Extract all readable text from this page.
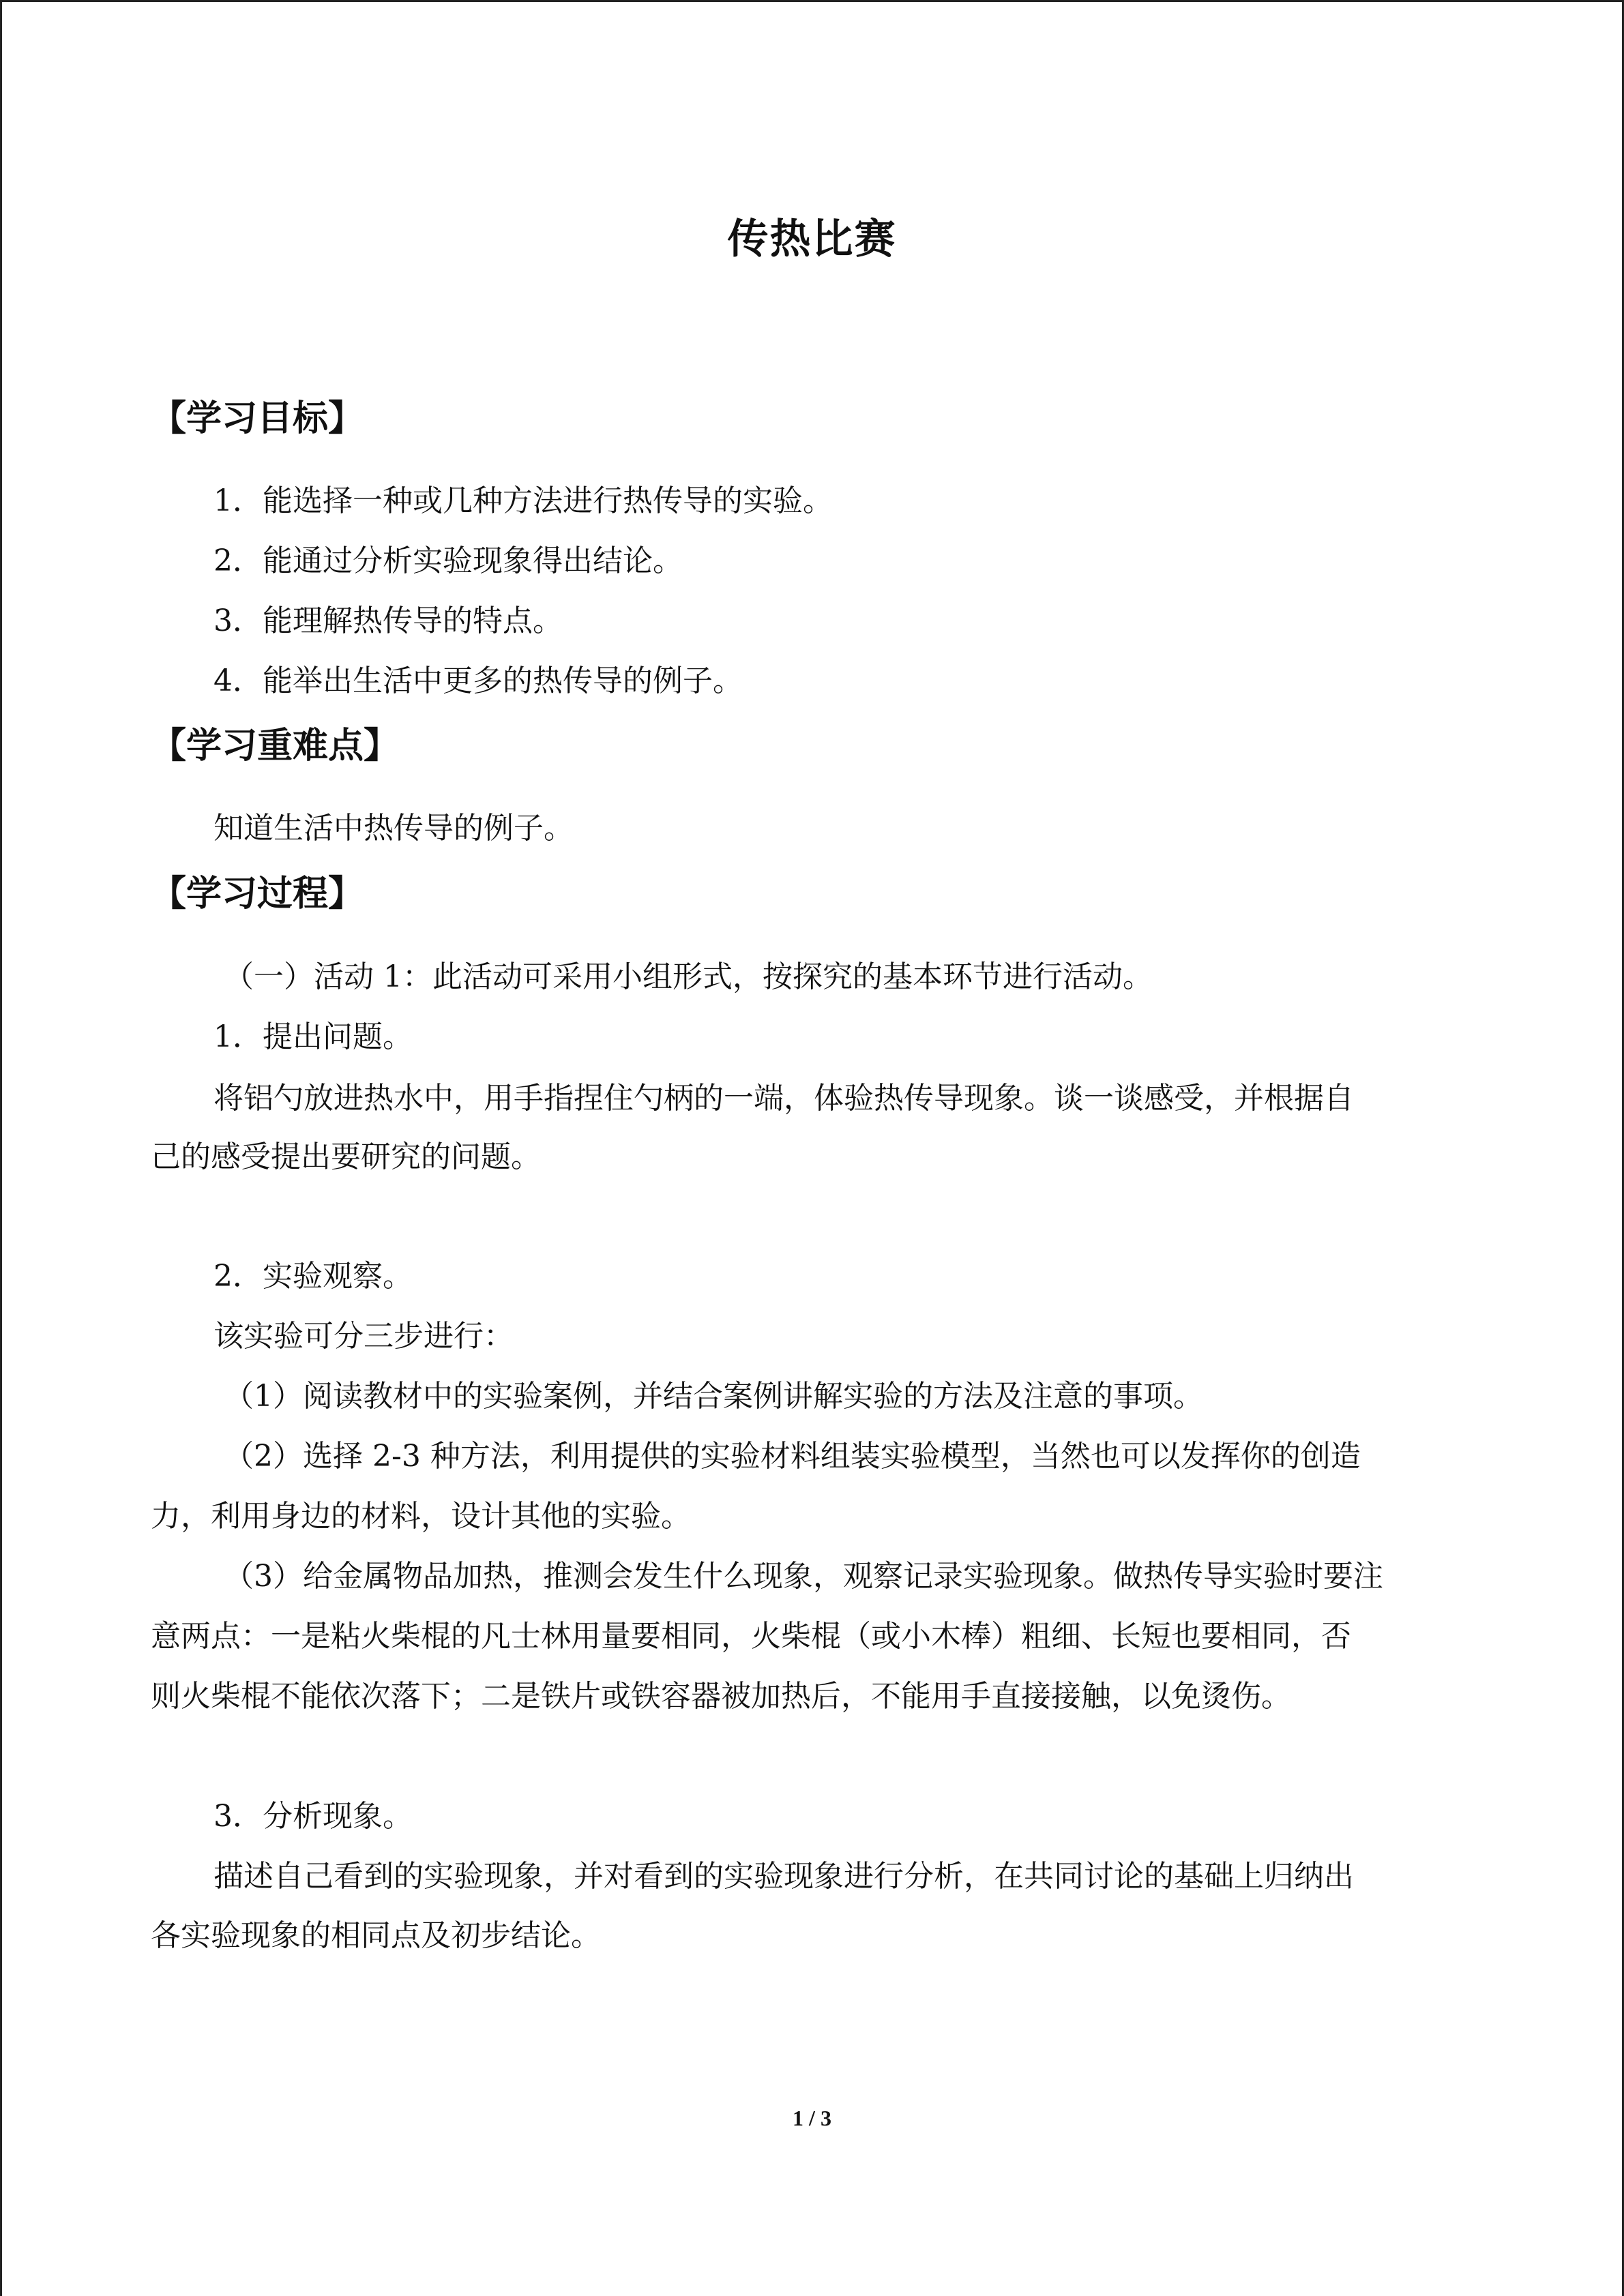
传热比赛
【学习目标】
1．能选择一种或几种方法进行热传导的实验。
2．能通过分析实验现象得出结论。
3．能理解热传导的特点。
4．能举出生活中更多的热传导的例子。
【学习重难点】
知道生活中热传导的例子。
【学习过程】
（一）活动 1：此活动可采用小组形式，按探究的基本环节进行活动。
1．提出问题。
将铝勺放进热水中，用手指捏住勺柄的一端，体验热传导现象。谈一谈感受，并根据自
己的感受提出要研究的问题。
2．实验观察。
该实验可分三步进行：
（1）阅读教材中的实验案例，并结合案例讲解实验的方法及注意的事项。
（2）选择 2-3 种方法，利用提供的实验材料组装实验模型，当然也可以发挥你的创造
力，利用身边的材料，设计其他的实验。
（3）给金属物品加热，推测会发生什么现象，观察记录实验现象。做热传导实验时要注
意两点：一是粘火柴棍的凡士林用量要相同，火柴棍（或小木棒）粗细、长短也要相同，否
则火柴棍不能依次落下；二是铁片或铁容器被加热后，不能用手直接接触，以免烫伤。
3．分析现象。
描述自己看到的实验现象，并对看到的实验现象进行分析，在共同讨论的基础上归纳出
各实验现象的相同点及初步结论。
1 / 3
